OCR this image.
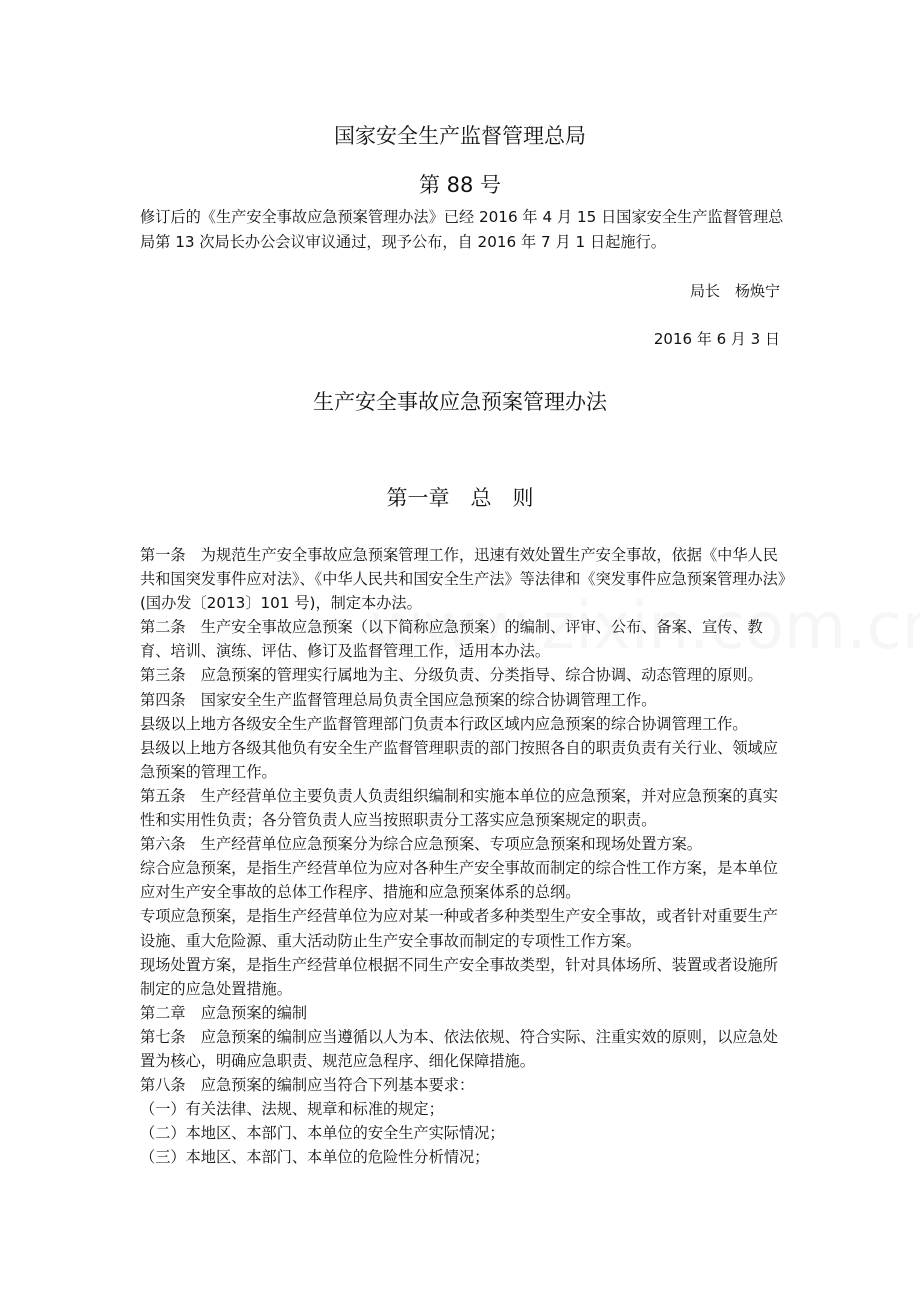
国家安全生产监督管理总局
第 88 号

修订后的《生产安全事故应急预案管理办法》已经 2016 年 4 月 15 日国家安全生产监督管理总局第 13 次局长办公会议审议通过，现予公布，自 2016 年 7 月 1 日起施行。

局长　杨焕宁
2016 年 6 月 3 日
生产安全事故应急预案管理办法
第一章　总　则

第一条　为规范生产安全事故应急预案管理工作，迅速有效处置生产安全事故，依据《中华人民共和国突发事件应对法》、《中华人民共和国安全生产法》等法律和《突发事件应急预案管理办法》(国办发〔2013〕101 号)，制定本办法。

第二条　生产安全事故应急预案（以下简称应急预案）的编制、评审、公布、备案、宣传、教育、培训、演练、评估、修订及监督管理工作，适用本办法。

第三条　应急预案的管理实行属地为主、分级负责、分类指导、综合协调、动态管理的原则。

第四条　国家安全生产监督管理总局负责全国应急预案的综合协调管理工作。

县级以上地方各级安全生产监督管理部门负责本行政区域内应急预案的综合协调管理工作。

县级以上地方各级其他负有安全生产监督管理职责的部门按照各自的职责负责有关行业、领域应急预案的管理工作。

第五条　生产经营单位主要负责人负责组织编制和实施本单位的应急预案，并对应急预案的真实性和实用性负责；各分管负责人应当按照职责分工落实应急预案规定的职责。

第六条　生产经营单位应急预案分为综合应急预案、专项应急预案和现场处置方案。

综合应急预案，是指生产经营单位为应对各种生产安全事故而制定的综合性工作方案，是本单位应对生产安全事故的总体工作程序、措施和应急预案体系的总纲。

专项应急预案，是指生产经营单位为应对某一种或者多种类型生产安全事故，或者针对重要生产设施、重大危险源、重大活动防止生产安全事故而制定的专项性工作方案。

现场处置方案，是指生产经营单位根据不同生产安全事故类型，针对具体场所、装置或者设施所制定的应急处置措施。

第二章　应急预案的编制

第七条　应急预案的编制应当遵循以人为本、依法依规、符合实际、注重实效的原则，以应急处置为核心，明确应急职责、规范应急程序、细化保障措施。

第八条　应急预案的编制应当符合下列基本要求：

（一）有关法律、法规、规章和标准的规定；

（二）本地区、本部门、本单位的安全生产实际情况；

（三）本地区、本部门、本单位的危险性分析情况；
